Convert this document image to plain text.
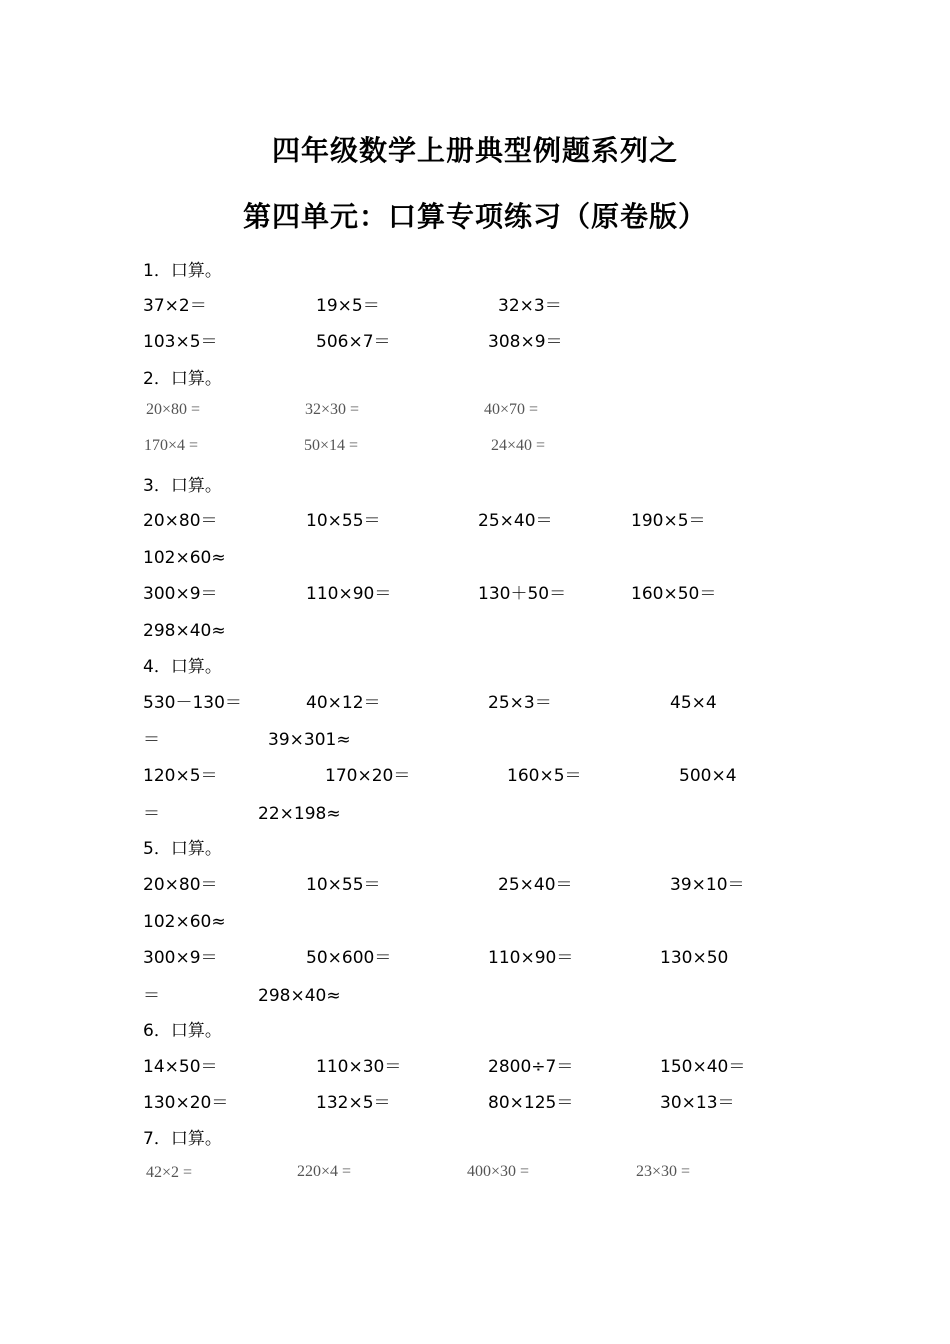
四年级数学上册典型例题系列之
第四单元：口算专项练习（原卷版）
1．口算。
37×2＝	19×5＝	32×3＝
103×5＝	506×7＝	308×9＝
2．口算。
20×80 =	32×30 =	40×70 =
170×4 =	50×14 =	24×40 =
3．口算。
20×80＝	10×55＝	25×40＝	190×5＝
102×60≈
300×9＝	110×90＝	130＋50＝	160×50＝
298×40≈
4．口算。
530－130＝	40×12＝	25×3＝	45×4
＝	39×301≈
120×5＝	170×20＝	160×5＝	500×4
＝	22×198≈
5．口算。
20×80＝	10×55＝	25×40＝	39×10＝
102×60≈
300×9＝	50×600＝	110×90＝	130×50
＝	298×40≈
6．口算。
14×50＝	110×30＝	2800÷7＝	150×40＝
130×20＝	132×5＝	80×125＝	30×13＝
7．口算。
42×2 =	220×4 =	400×30 =	23×30 =
